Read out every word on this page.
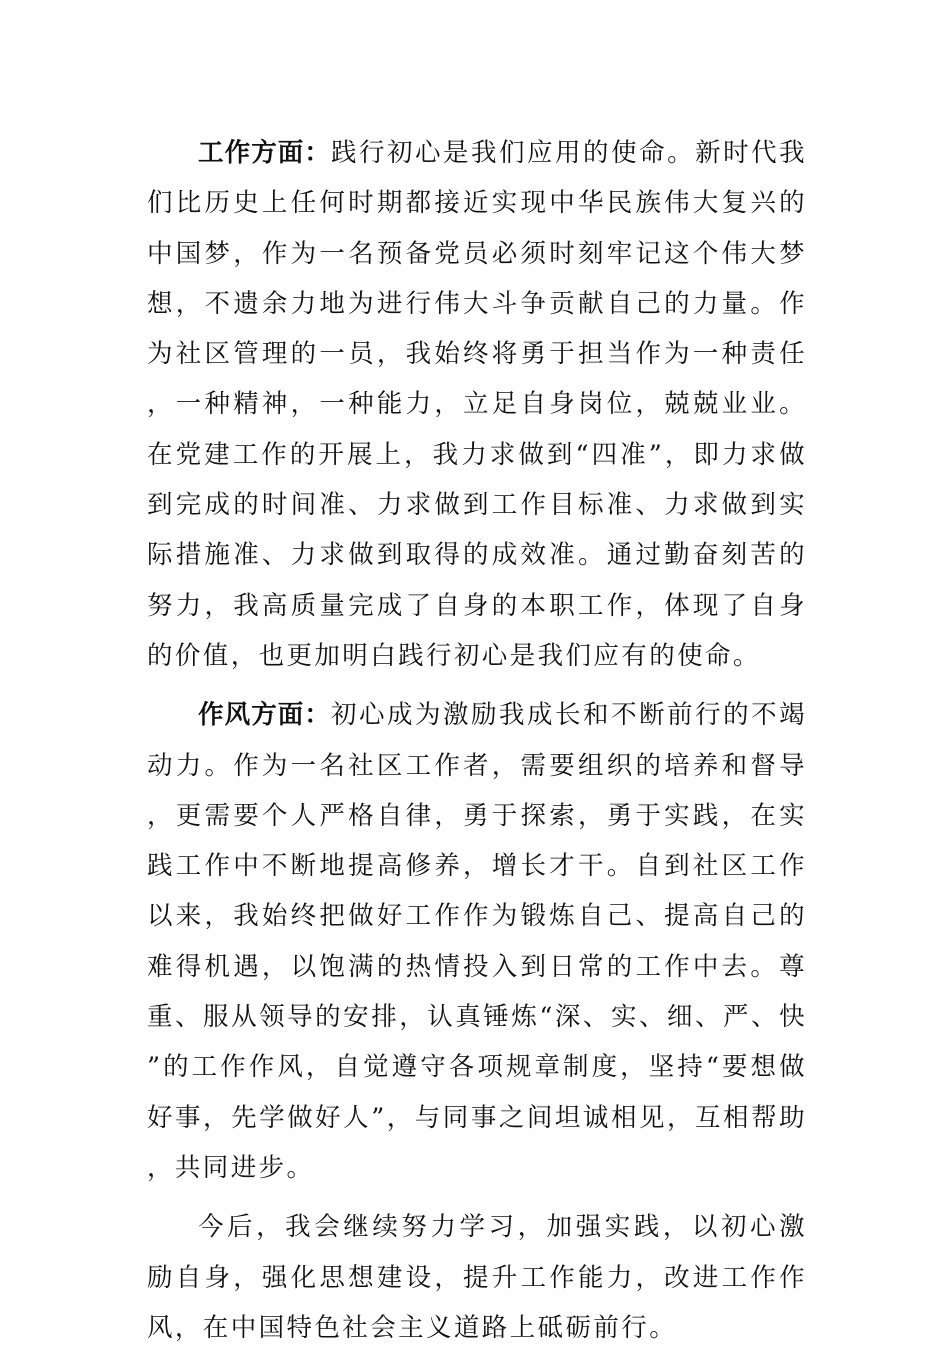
工作方面：践行初心是我们应用的使命。新时代我们比历史上任何时期都接近实现中华民族伟大复兴的中国梦，作为一名预备党员必须时刻牢记这个伟大梦想，不遗余力地为进行伟大斗争贡献自己的力量。作为社区管理的一员，我始终将勇于担当作为一种责任，一种精神，一种能力，立足自身岗位，兢兢业业。在党建工作的开展上，我力求做到“四准”，即力求做到完成的时间准、力求做到工作目标准、力求做到实际措施准、力求做到取得的成效准。通过勤奋刻苦的努力，我高质量完成了自身的本职工作，体现了自身的价值，也更加明白践行初心是我们应有的使命。

作风方面：初心成为激励我成长和不断前行的不竭动力。作为一名社区工作者，需要组织的培养和督导，更需要个人严格自律，勇于探索，勇于实践，在实践工作中不断地提高修养，增长才干。自到社区工作以来，我始终把做好工作作为锻炼自己、提高自己的难得机遇，以饱满的热情投入到日常的工作中去。尊重、服从领导的安排，认真锤炼“深、实、细、严、快”的工作作风，自觉遵守各项规章制度，坚持“要想做好事，先学做好人”，与同事之间坦诚相见，互相帮助，共同进步。

今后，我会继续努力学习，加强实践，以初心激励自身，强化思想建设，提升工作能力，改进工作作风，在中国特色社会主义道路上砥砺前行。
